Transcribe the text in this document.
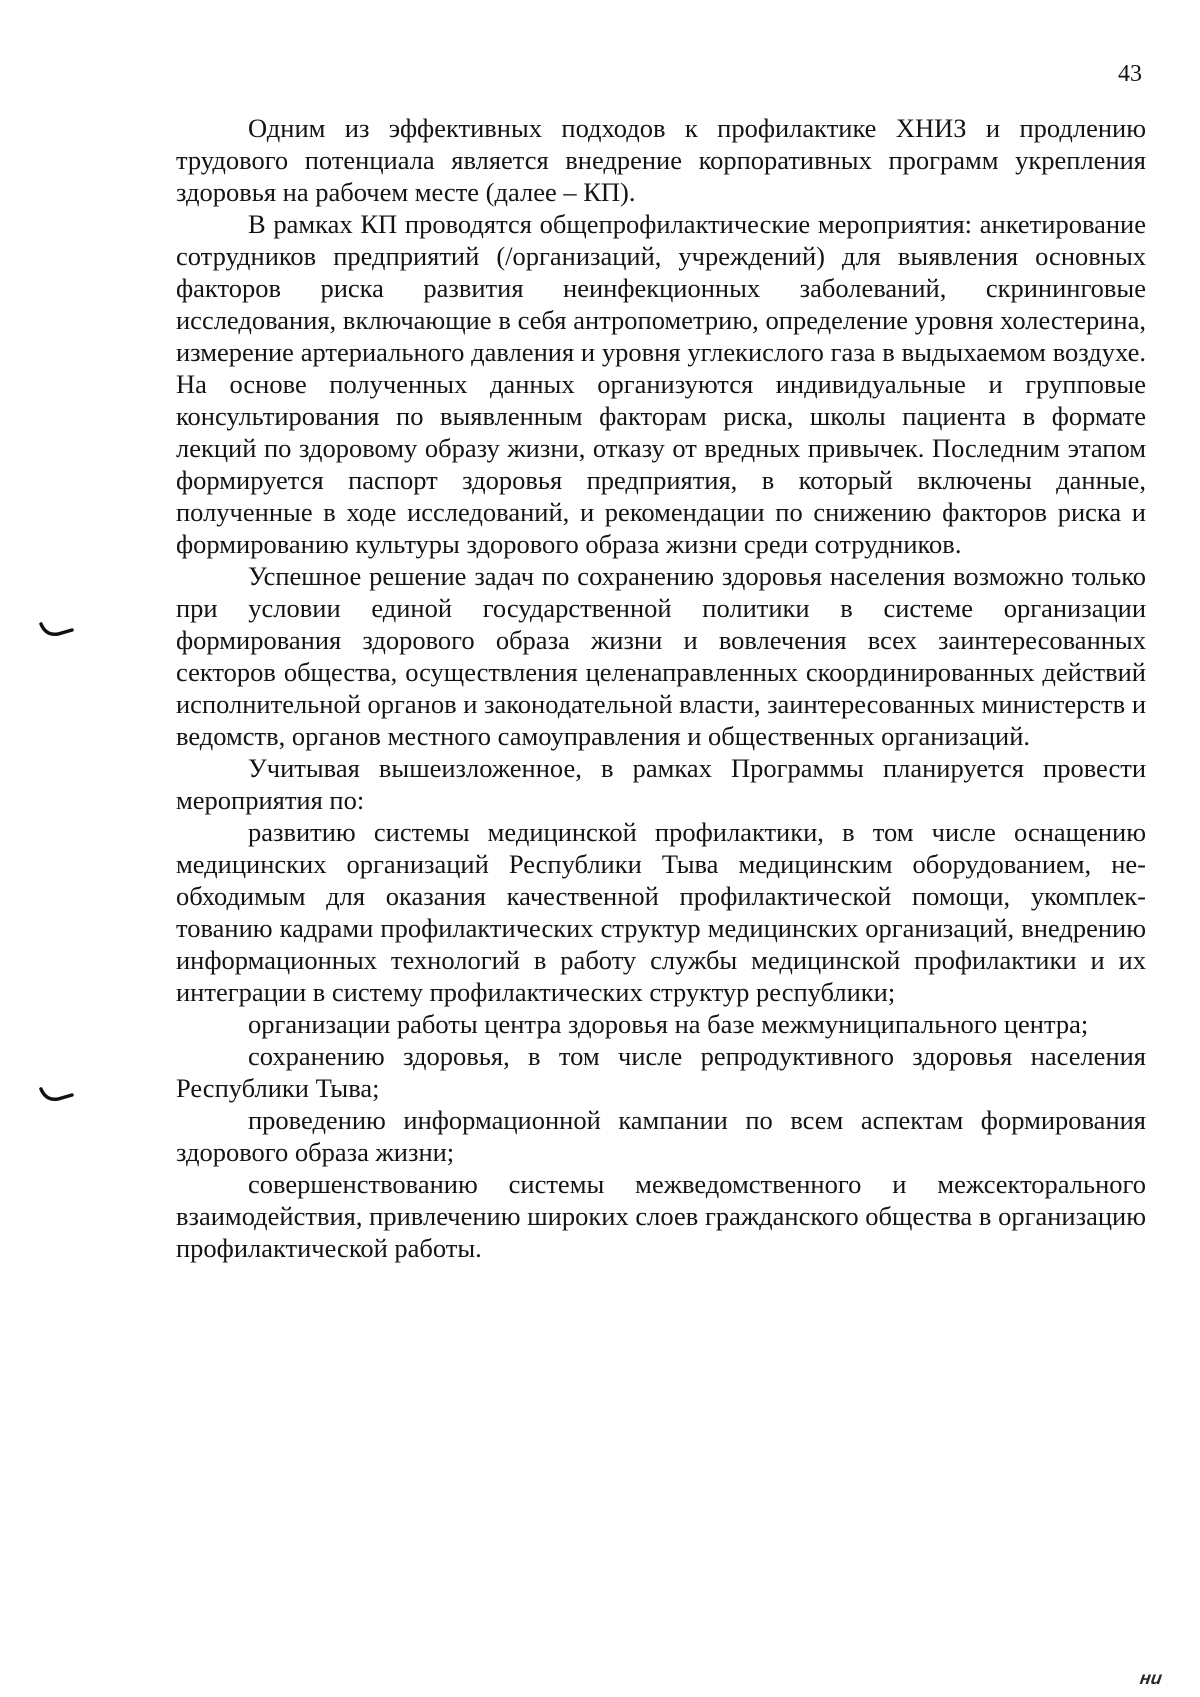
43

Одним из эффективных подходов к профилактике ХНИЗ и продлению трудового потенциала является внедрение корпоративных программ укрепления здоровья на рабочем месте (далее – КП).

В рамках КП проводятся общепрофилактические мероприятия: анкетирование сотрудников предприятий (/организаций, учреждений) для выявления основных факторов риска развития неинфекционных заболеваний, скрининговые исследования, включающие в себя антропометрию, определение уровня холестерина, измерение артериального давления и уровня углекислого газа в выдыхаемом воздухе. На основе полученных данных организуются индивидуальные и групповые консультирования по выявленным факторам риска, школы пациента в формате лекций по здоровому образу жизни, отказу от вредных привычек. Последним этапом формируется паспорт здоровья предприятия, в который включены данные, полученные в ходе исследований, и рекомендации по снижению факторов риска и формированию культуры здорового образа жизни среди сотрудников.

Успешное решение задач по сохранению здоровья населения возможно только при условии единой государственной политики в системе организации формирования здорового образа жизни и вовлечения всех заинтересованных секторов общества, осуществления целенаправленных скоординированных действий исполнительной органов и законодательной власти, заинтересованных министерств и ведомств, органов местного самоуправления и общественных организаций.

Учитывая вышеизложенное, в рамках Программы планируется провести мероприятия по:

развитию системы медицинской профилактики, в том числе оснащению медицинских организаций Республики Тыва медицинским оборудованием, необходимым для оказания качественной профилактической помощи, укомплектованию кадрами профилактических структур медицинских организаций, внедрению информационных технологий в работу службы медицинской профилактики и их интеграции в систему профилактических структур республики;

организации работы центра здоровья на базе межмуниципального центра;

сохранению здоровья, в том числе репродуктивного здоровья населения Республики Тыва;

проведению информационной кампании по всем аспектам формирования здорового образа жизни;

совершенствованию системы межведомственного и межсекторального взаимодействия, привлечению широких слоев гражданского общества в организацию профилактической работы.

ни
